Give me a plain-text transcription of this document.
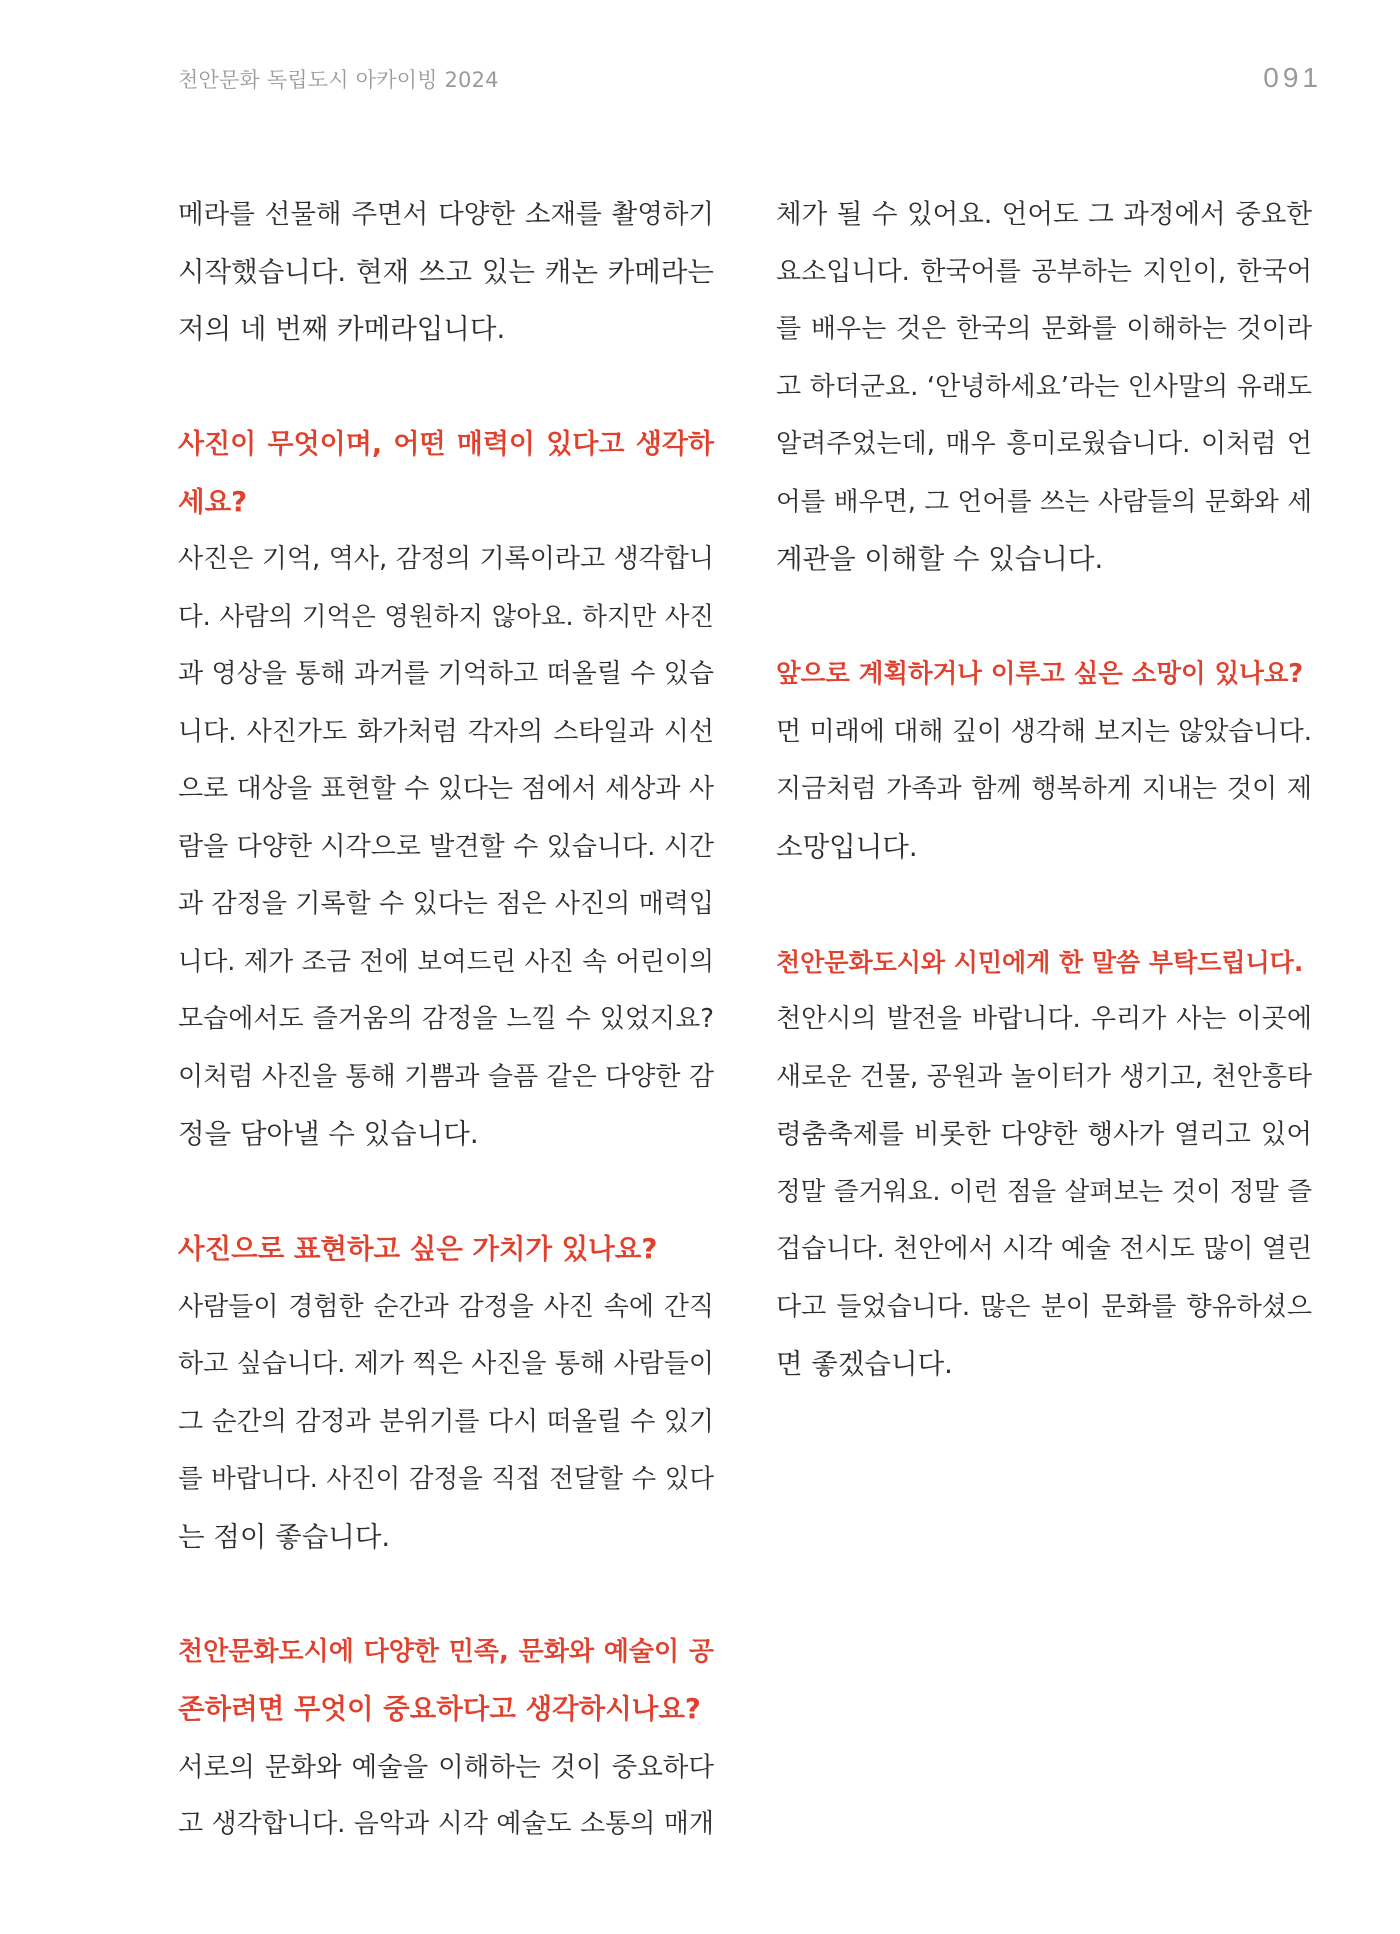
천안문화 독립도시 아카이빙 2024	091
메라를 선물해 주면서 다양한 소재를 촬영하기
시작했습니다. 현재 쓰고 있는 캐논 카메라는
저의 네 번째 카메라입니다.
사진이 무엇이며, 어떤 매력이 있다고 생각하
세요?
사진은 기억, 역사, 감정의 기록이라고 생각합니
다. 사람의 기억은 영원하지 않아요. 하지만 사진
과 영상을 통해 과거를 기억하고 떠올릴 수 있습
니다. 사진가도 화가처럼 각자의 스타일과 시선
으로 대상을 표현할 수 있다는 점에서 세상과 사
람을 다양한 시각으로 발견할 수 있습니다. 시간
과 감정을 기록할 수 있다는 점은 사진의 매력입
니다. 제가 조금 전에 보여드린 사진 속 어린이의
모습에서도 즐거움의 감정을 느낄 수 있었지요?
이처럼 사진을 통해 기쁨과 슬픔 같은 다양한 감
정을 담아낼 수 있습니다.
사진으로 표현하고 싶은 가치가 있나요?
사람들이 경험한 순간과 감정을 사진 속에 간직
하고 싶습니다. 제가 찍은 사진을 통해 사람들이
그 순간의 감정과 분위기를 다시 떠올릴 수 있기
를 바랍니다. 사진이 감정을 직접 전달할 수 있다
는 점이 좋습니다.
천안문화도시에 다양한 민족, 문화와 예술이 공
존하려면 무엇이 중요하다고 생각하시나요?
서로의 문화와 예술을 이해하는 것이 중요하다
고 생각합니다. 음악과 시각 예술도 소통의 매개
체가 될 수 있어요. 언어도 그 과정에서 중요한
요소입니다. 한국어를 공부하는 지인이, 한국어
를 배우는 것은 한국의 문화를 이해하는 것이라
고 하더군요. ‘안녕하세요’라는 인사말의 유래도
알려주었는데, 매우 흥미로웠습니다. 이처럼 언
어를 배우면, 그 언어를 쓰는 사람들의 문화와 세
계관을 이해할 수 있습니다.
앞으로 계획하거나 이루고 싶은 소망이 있나요?
먼 미래에 대해 깊이 생각해 보지는 않았습니다.
지금처럼 가족과 함께 행복하게 지내는 것이 제
소망입니다.
천안문화도시와 시민에게 한 말씀 부탁드립니다.
천안시의 발전을 바랍니다. 우리가 사는 이곳에
새로운 건물, 공원과 놀이터가 생기고, 천안흥타
령춤축제를 비롯한 다양한 행사가 열리고 있어
정말 즐거워요. 이런 점을 살펴보는 것이 정말 즐
겁습니다. 천안에서 시각 예술 전시도 많이 열린
다고 들었습니다. 많은 분이 문화를 향유하셨으
면 좋겠습니다.
